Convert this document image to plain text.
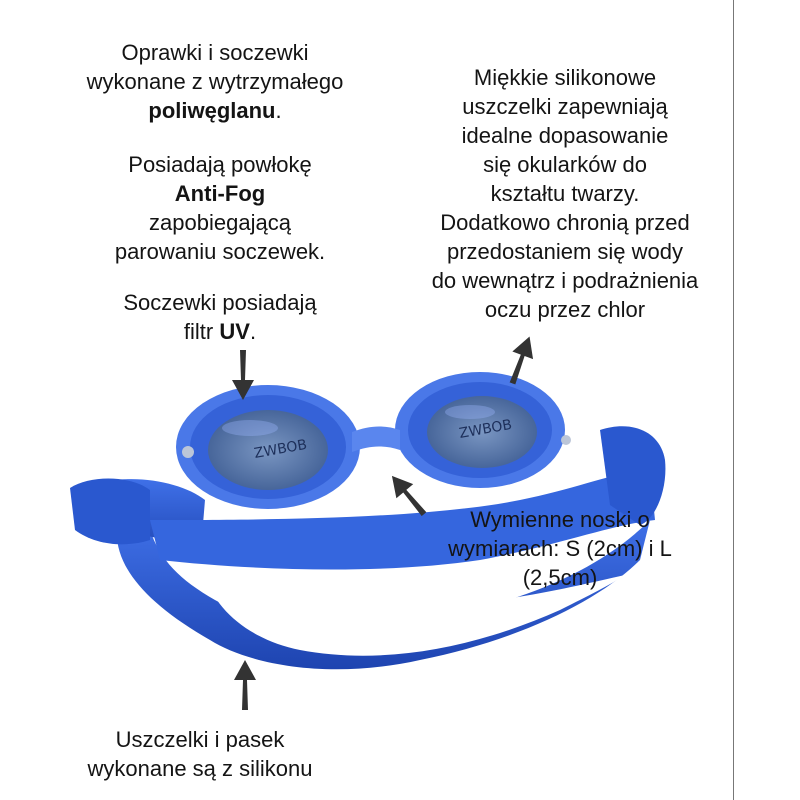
ZWBOB
ZWBOB
Oprawki i soczewki
wykonane z wytrzymałego
poliwęglanu.
Posiadają powłokę
Anti-Fog
zapobiegającą
parowaniu soczewek.
Soczewki posiadają
filtr UV.
Miękkie silikonowe
uszczelki zapewniają
idealne dopasowanie
się okularków do
kształtu twarzy.
Dodatkowo chronią przed
przedostaniem się wody
do wewnątrz i podrażnienia
oczu przez chlor
Wymienne noski o
wymiarach: S (2cm) i L
(2,5cm)
Uszczelki i pasek
wykonane są z silikonu
